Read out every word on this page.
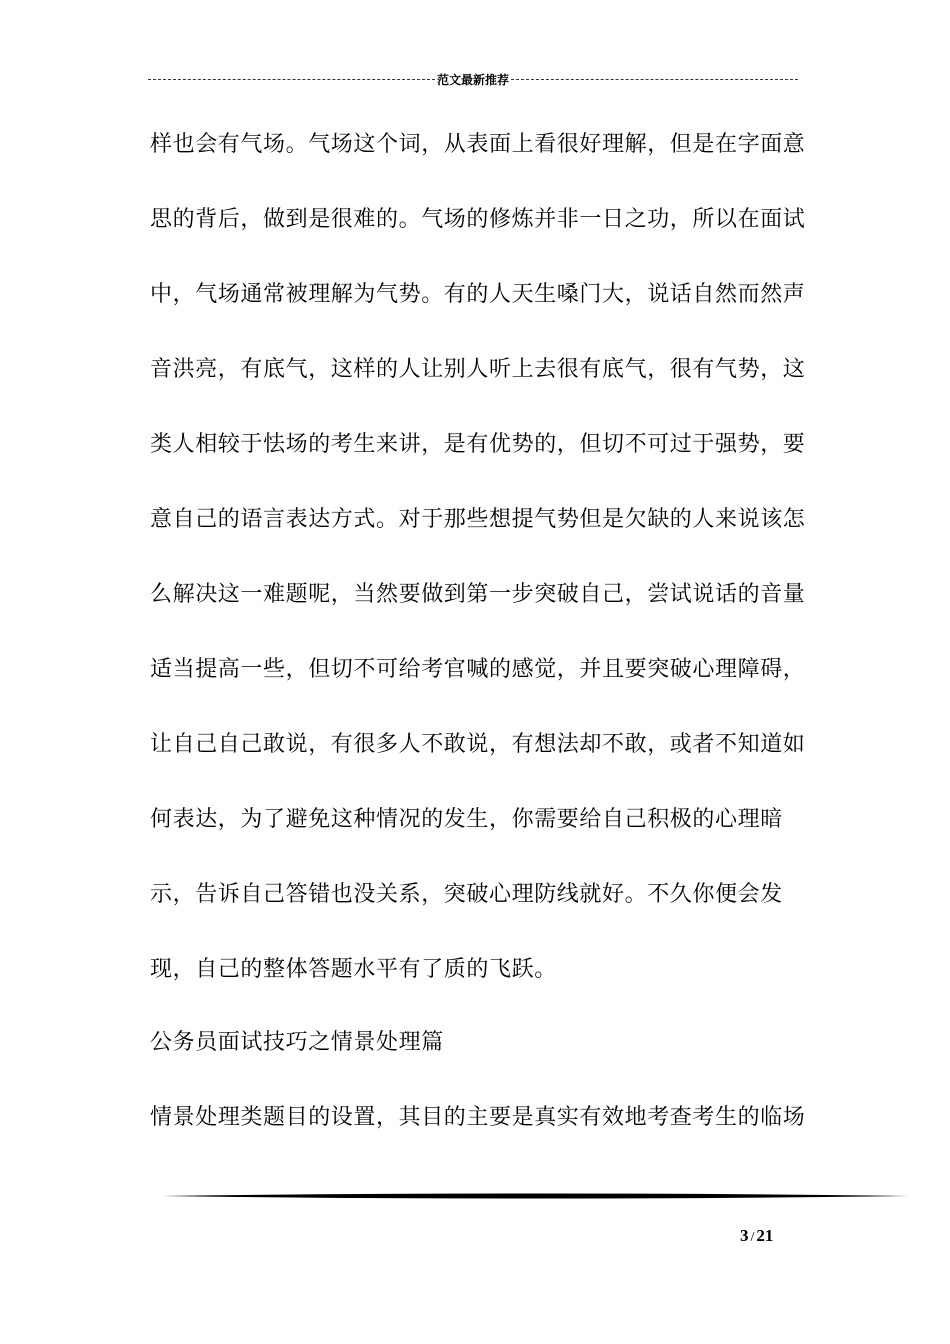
范文最新推荐
样也会有气场。气场这个词，从表面上看很好理解，但是在字面意
思的背后，做到是很难的。气场的修炼并非一日之功，所以在面试
中，气场通常被理解为气势。有的人天生嗓门大，说话自然而然声
音洪亮，有底气，这样的人让别人听上去很有底气，很有气势，这
类人相较于怯场的考生来讲，是有优势的，但切不可过于强势，要
意自己的语言表达方式。对于那些想提气势但是欠缺的人来说该怎
么解决这一难题呢，当然要做到第一步突破自己，尝试说话的音量
适当提高一些，但切不可给考官喊的感觉，并且要突破心理障碍，
让自己自己敢说，有很多人不敢说，有想法却不敢，或者不知道如
何表达，为了避免这种情况的发生，你需要给自己积极的心理暗
示，告诉自己答错也没关系，突破心理防线就好。不久你便会发
现，自己的整体答题水平有了质的飞跃。
公务员面试技巧之情景处理篇
情景处理类题目的设置，其目的主要是真实有效地考查考生的临场
3 / 21
